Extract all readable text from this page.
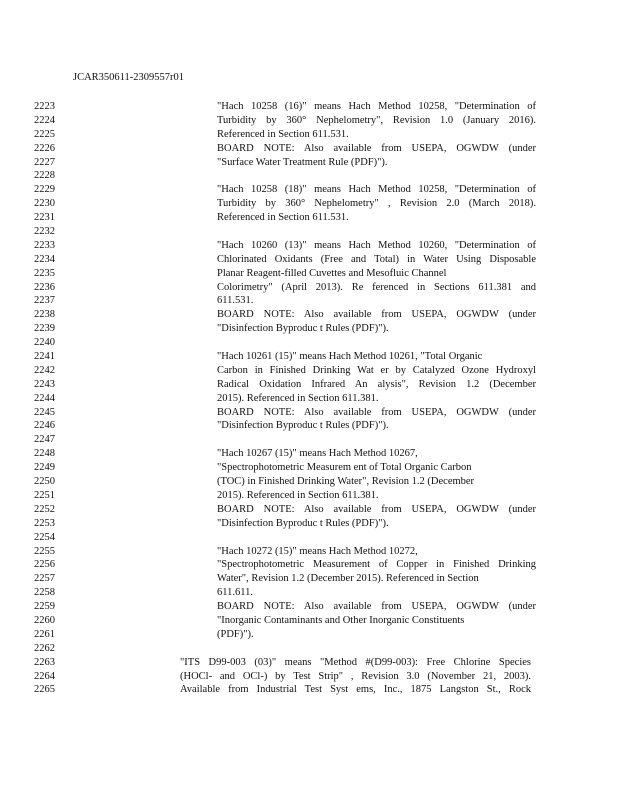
JCAR350611-2309557r01
2223	"Hach 10258 (16)" means Hach Method 10258, "Determination of
2224	Turbidity by 360° Nephelometry", Revision 1.0 (January 2016).
2225	Referenced in Section 611.531.
2226	BOARD NOTE: Also available from USEPA, OGWDW (under
2227	"Surface Water Treatment Rule (PDF)").
2228
2229	"Hach 10258 (18)" means Hach Method 10258, "Determination of
2230	Turbidity by 360° Nephelometry" , Revision 2.0 (March 2018).
2231	Referenced in Section 611.531.
2232
2233	"Hach 10260 (13)" means Hach Method 10260, "Determination of
2234	Chlorinated Oxidants (Free and Total) in Water Using Disposable
2235	Planar Reagent-filled Cuvettes and Mesofluic Channel
2236	Colorimetry" (April 2013). Re ferenced in Sections 611.381 and
2237	611.531.
2238	BOARD NOTE: Also available from USEPA, OGWDW (under
2239	"Disinfection Byproduc t Rules (PDF)").
2240
2241	"Hach 10261 (15)" means Hach Method 10261, "Total Organic
2242	Carbon in Finished Drinking Wat er by Catalyzed Ozone Hydroxyl
2243	Radical Oxidation Infrared An alysis", Revision 1.2 (December
2244	2015). Referenced in Section 611.381.
2245	BOARD NOTE: Also available from USEPA, OGWDW (under
2246	"Disinfection Byproduc t Rules (PDF)").
2247
2248	"Hach 10267 (15)" means Hach Method 10267,
2249	"Spectrophotometric Measurem ent of Total Organic Carbon
2250	(TOC) in Finished Drinking Water", Revision 1.2 (December
2251	2015). Referenced in Section 611.381.
2252	BOARD NOTE: Also available from USEPA, OGWDW (under
2253	"Disinfection Byproduc t Rules (PDF)").
2254
2255	"Hach 10272 (15)" means Hach Method 10272,
2256	"Spectrophotometric Measurement of Copper in Finished Drinking
2257	Water", Revision 1.2 (December 2015). Referenced in Section
2258	611.611.
2259	BOARD NOTE: Also available from USEPA, OGWDW (under
2260	"Inorganic Contaminants and Other Inorganic Constituents
2261	(PDF)").
2262
2263	"ITS D99-003 (03)" means "Method #(D99-003): Free Chlorine Species
2264	(HOCl- and OCl-) by Test Strip" , Revision 3.0 (November 21, 2003).
2265	Available from Industrial Test Syst ems, Inc., 1875 Langston St., Rock
